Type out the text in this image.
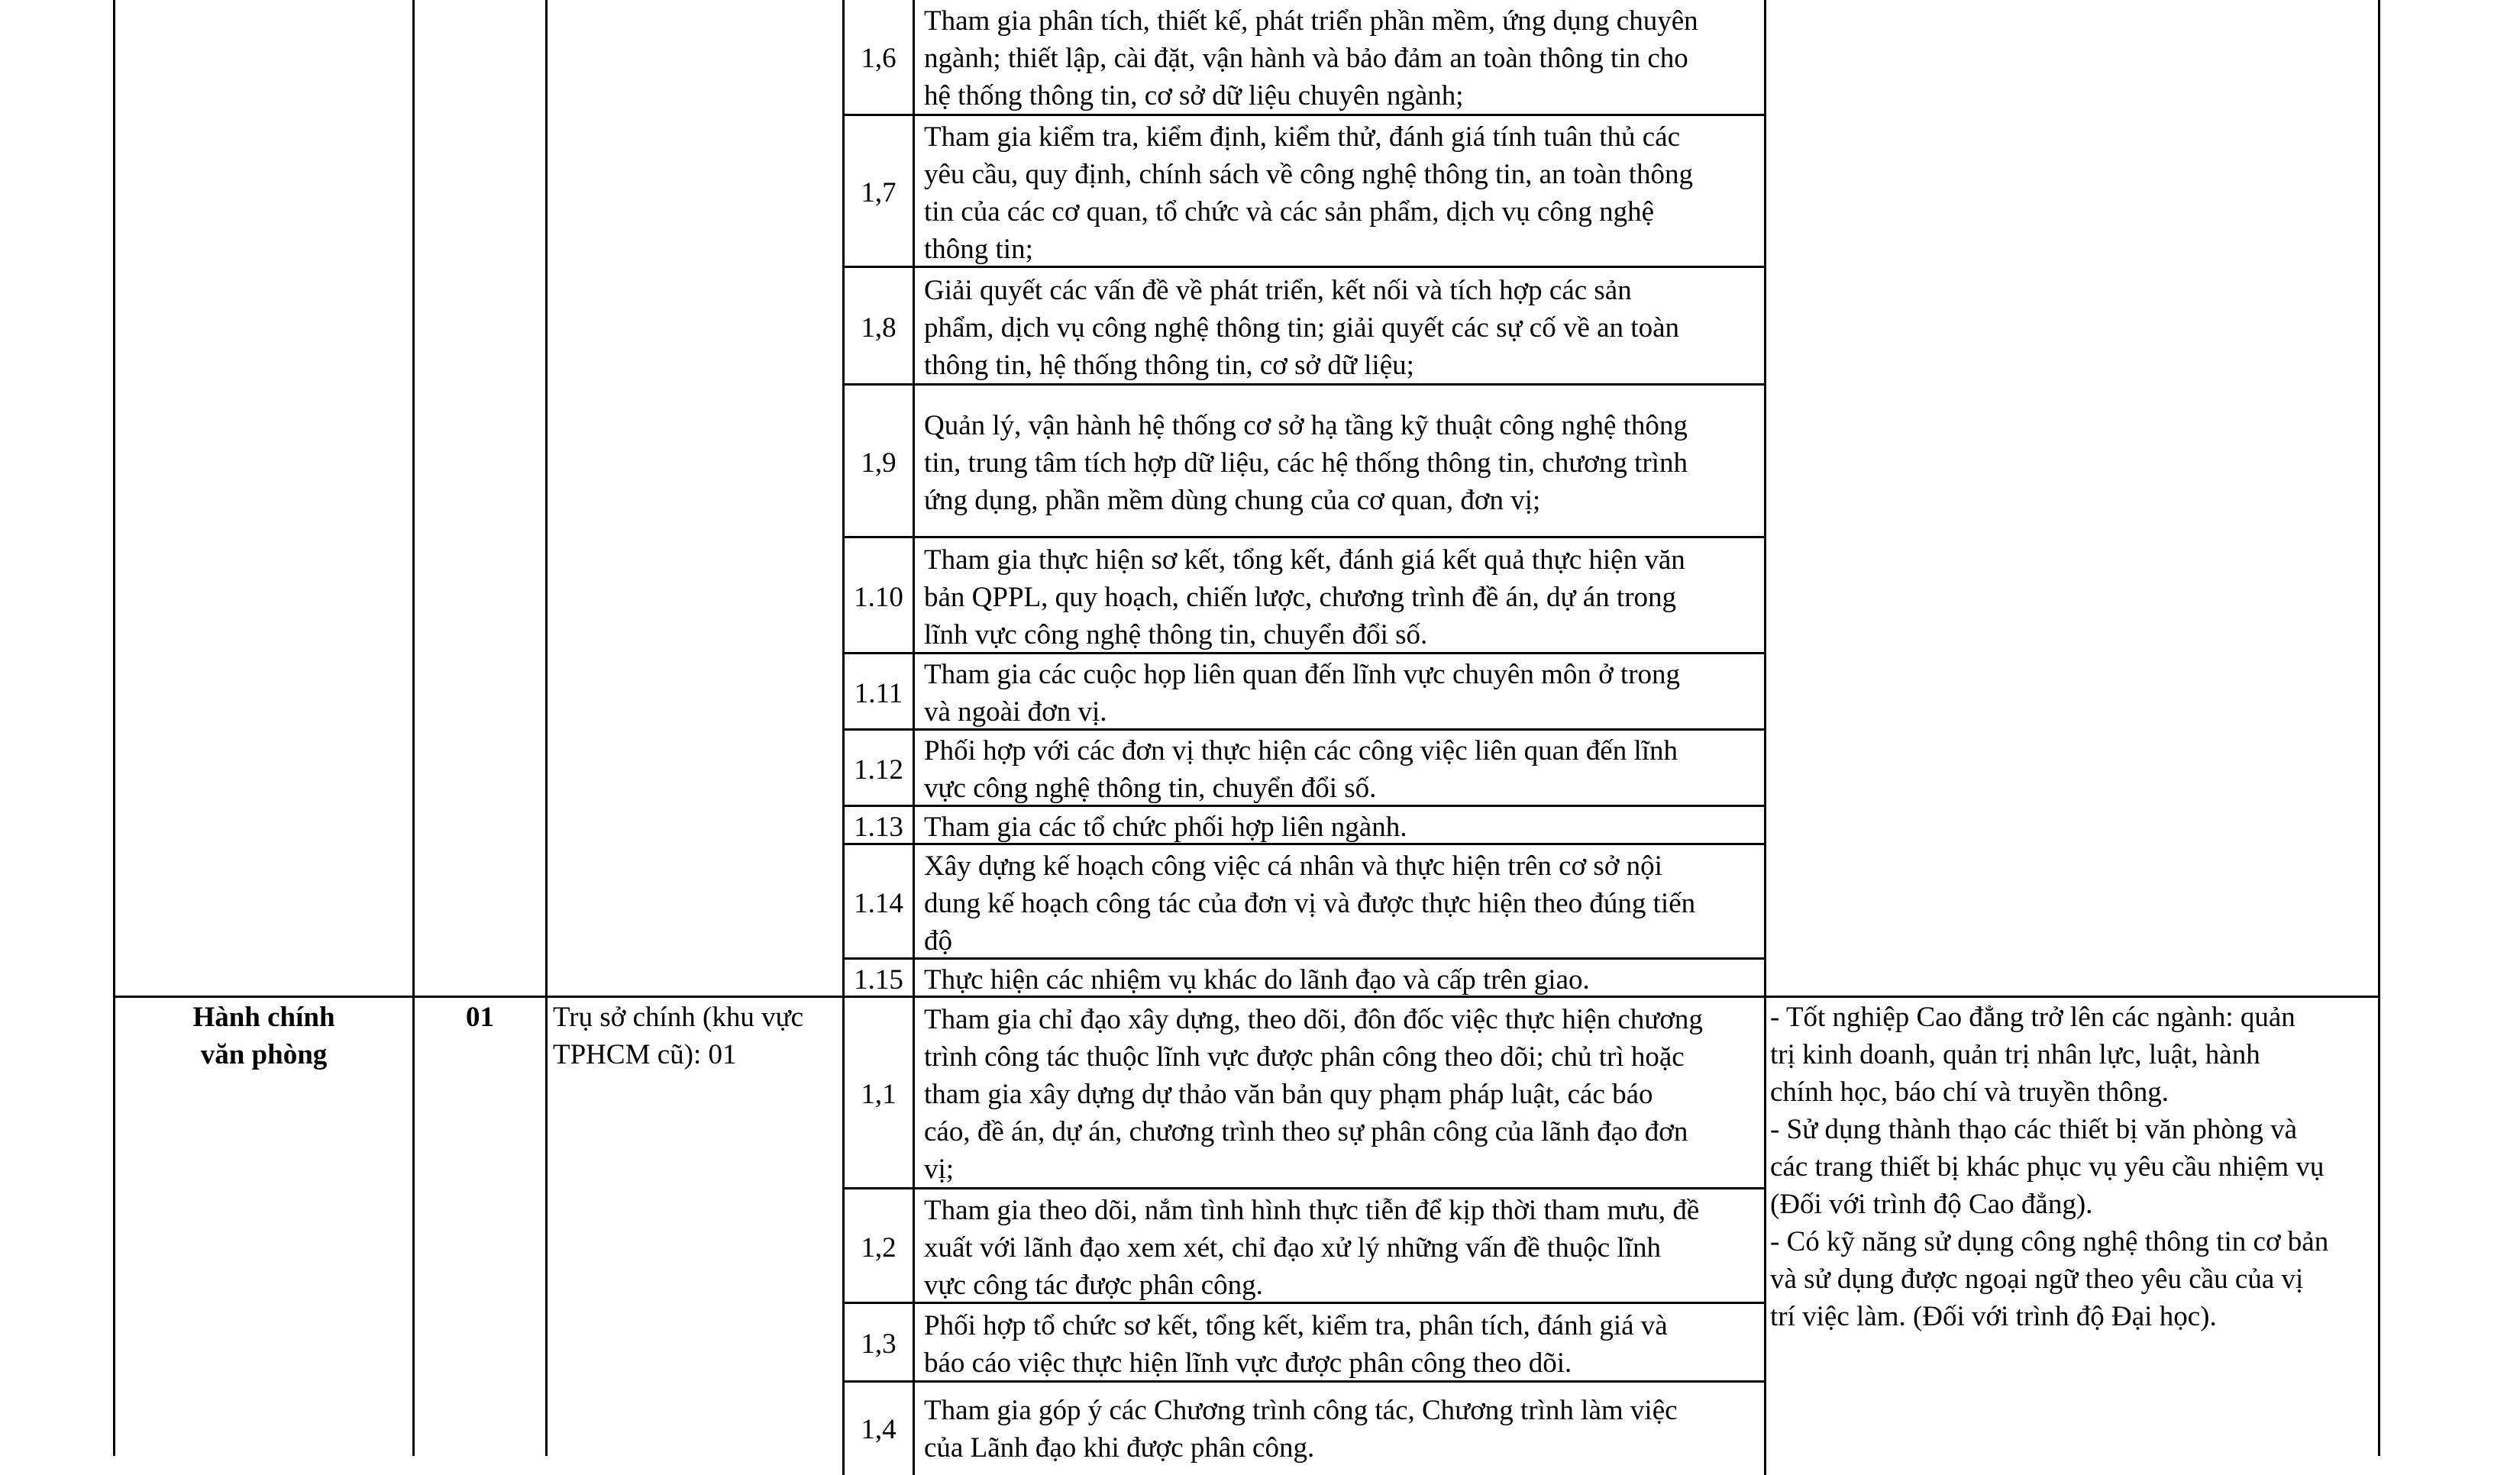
1,6
Tham gia phân tích, thiết kế, phát triển phần mềm, ứng dụng chuyên
ngành; thiết lập, cài đặt, vận hành và bảo đảm an toàn thông tin cho
hệ thống thông tin, cơ sở dữ liệu chuyên ngành;
1,7
Tham gia kiểm tra, kiểm định, kiểm thử, đánh giá tính tuân thủ các
yêu cầu, quy định, chính sách về công nghệ thông tin, an toàn thông
tin của các cơ quan, tổ chức và các sản phẩm, dịch vụ công nghệ
thông tin;
1,8
Giải quyết các vấn đề về phát triển, kết nối và tích hợp các sản
phẩm, dịch vụ công nghệ thông tin; giải quyết các sự cố về an toàn
thông tin, hệ thống thông tin, cơ sở dữ liệu;
1,9
Quản lý, vận hành hệ thống cơ sở hạ tầng kỹ thuật công nghệ thông
tin, trung tâm tích hợp dữ liệu, các hệ thống thông tin, chương trình
ứng dụng, phần mềm dùng chung của cơ quan, đơn vị;
1.10
Tham gia thực hiện sơ kết, tổng kết, đánh giá kết quả thực hiện văn
bản QPPL, quy hoạch, chiến lược, chương trình đề án, dự án trong
lĩnh vực công nghệ thông tin, chuyển đổi số.
1.11
Tham gia các cuộc họp liên quan đến lĩnh vực chuyên môn ở trong
và ngoài đơn vị.
1.12
Phối hợp với các đơn vị thực hiện các công việc liên quan đến lĩnh
vực công nghệ thông tin, chuyển đổi số.
1.13 Tham gia các tổ chức phối hợp liên ngành.
1.14
Xây dựng kế hoạch công việc cá nhân và thực hiện trên cơ sở nội
dung kế hoạch công tác của đơn vị và được thực hiện theo đúng tiến
độ
1.15 Thực hiện các nhiệm vụ khác do lãnh đạo và cấp trên giao.
1,1
Tham gia chỉ đạo xây dựng, theo dõi, đôn đốc việc thực hiện chương
trình công tác thuộc lĩnh vực được phân công theo dõi; chủ trì hoặc
tham gia xây dựng dự thảo văn bản quy phạm pháp luật, các báo
cáo, đề án, dự án, chương trình theo sự phân công của lãnh đạo đơn
vị;
1,2
Tham gia theo dõi, nắm tình hình thực tiễn để kịp thời tham mưu, đề
xuất với lãnh đạo xem xét, chỉ đạo xử lý những vấn đề thuộc lĩnh
vực công tác được phân công.
1,3
Phối hợp tổ chức sơ kết, tổng kết, kiểm tra, phân tích, đánh giá và
báo cáo việc thực hiện lĩnh vực được phân công theo dõi.
1,4
Tham gia góp ý các Chương trình công tác, Chương trình làm việc
của Lãnh đạo khi được phân công.
Hành chính
văn phòng
01	Trụ sở chính (khu vực
TPHCM cũ): 01
- Tốt nghiệp Cao đẳng trở lên các ngành: quản
trị kinh doanh, quản trị nhân lực, luật, hành
chính học, báo chí và truyền thông.
- Sử dụng thành thạo các thiết bị văn phòng và
các trang thiết bị khác phục vụ yêu cầu nhiệm vụ
(Đối với trình độ Cao đẳng).
- Có kỹ năng sử dụng công nghệ thông tin cơ bản
và sử dụng được ngoại ngữ theo yêu cầu của vị
trí việc làm. (Đối với trình độ Đại học).
